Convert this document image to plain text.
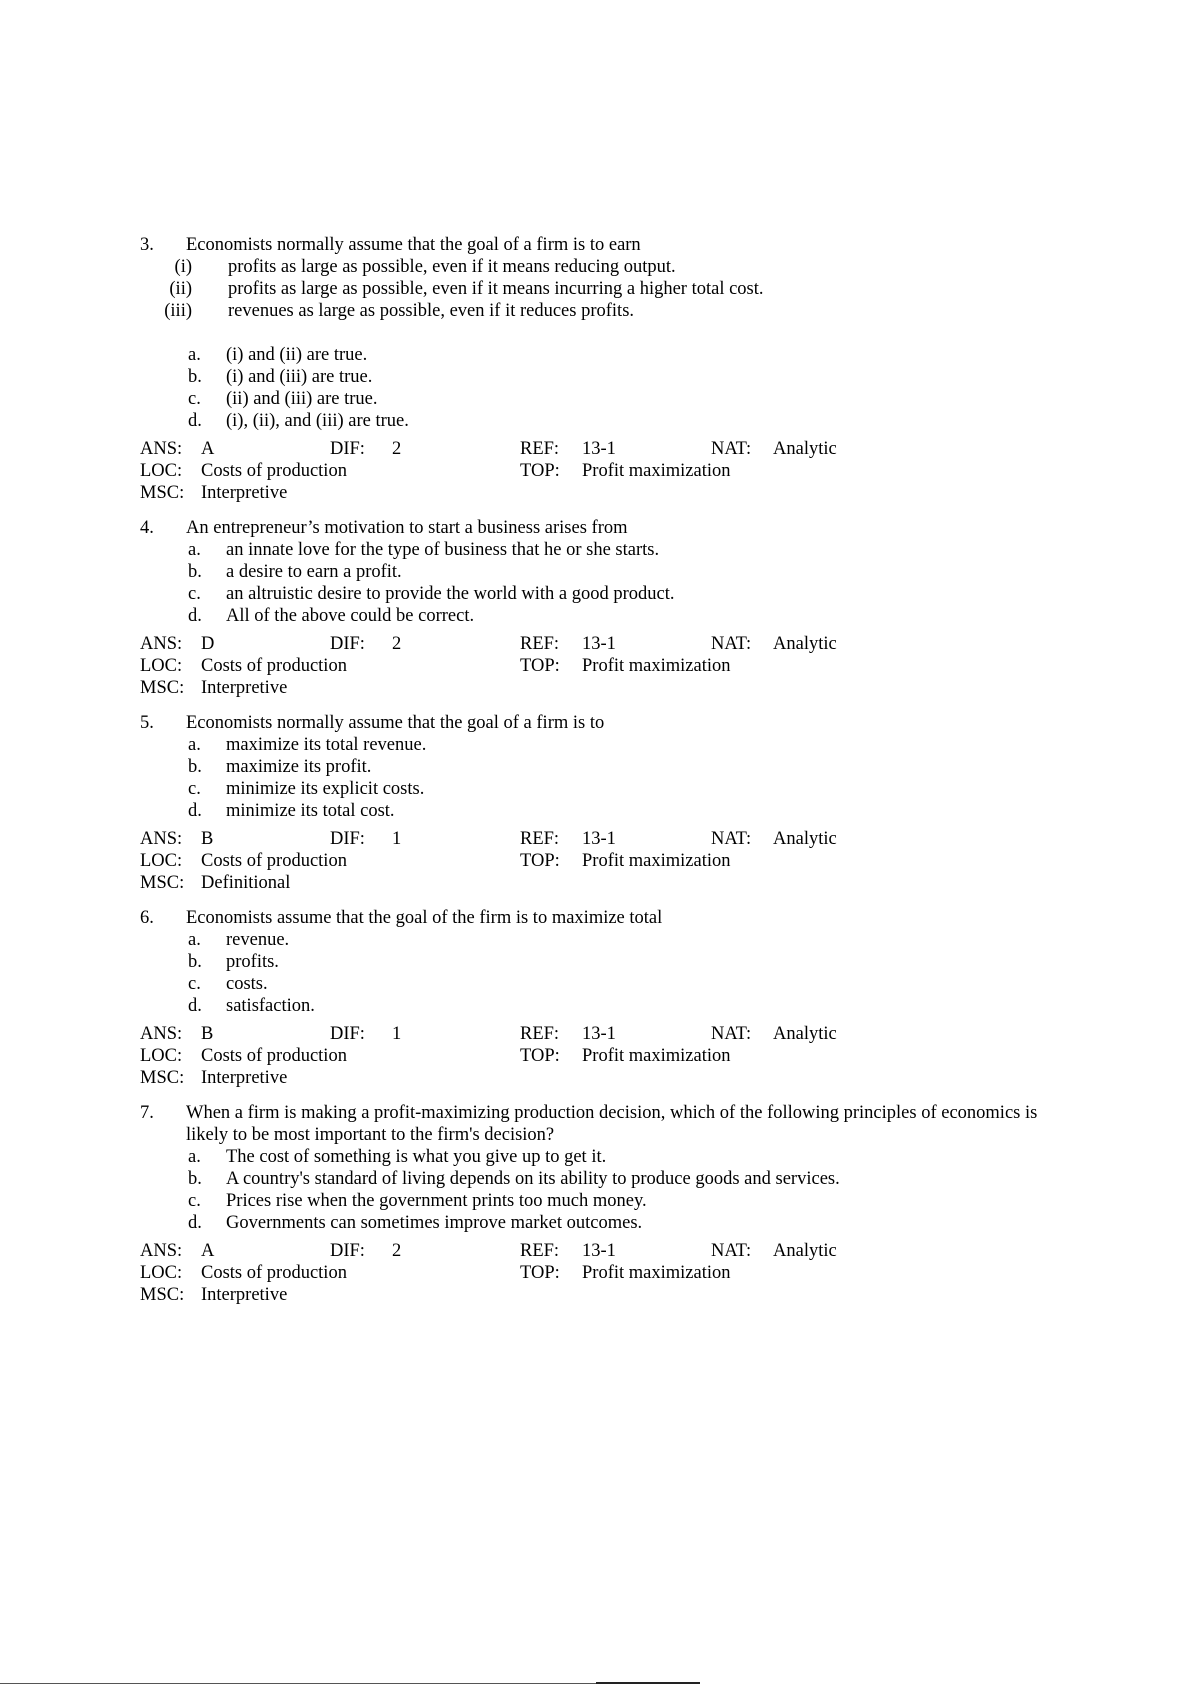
3. Economists normally assume that the goal of a firm is to earn
(i) profits as large as possible, even if it means reducing output.
(ii) profits as large as possible, even if it means incurring a higher total cost.
(iii) revenues as large as possible, even if it reduces profits.
a. (i) and (ii) are true.
b. (i) and (iii) are true.
c. (ii) and (iii) are true.
d. (i), (ii), and (iii) are true.
ANS: A	DIF: 2	REF: 13-1	NAT: Analytic
LOC: Costs of production	TOP: Profit maximization
MSC: Interpretive
4. An entrepreneur’s motivation to start a business arises from
a. an innate love for the type of business that he or she starts.
b. a desire to earn a profit.
c. an altruistic desire to provide the world with a good product.
d. All of the above could be correct.
ANS: D	DIF: 2	REF: 13-1	NAT: Analytic
LOC: Costs of production	TOP: Profit maximization
MSC: Interpretive
5. Economists normally assume that the goal of a firm is to
a. maximize its total revenue.
b. maximize its profit.
c. minimize its explicit costs.
d. minimize its total cost.
ANS: B	DIF: 1	REF: 13-1	NAT: Analytic
LOC: Costs of production	TOP: Profit maximization
MSC: Definitional
6. Economists assume that the goal of the firm is to maximize total
a. revenue.
b. profits.
c. costs.
d. satisfaction.
ANS: B	DIF: 1	REF: 13-1	NAT: Analytic
LOC: Costs of production	TOP: Profit maximization
MSC: Interpretive
7. When a firm is making a profit-maximizing production decision, which of the following principles of economics is likely to be most important to the firm's decision?
a. The cost of something is what you give up to get it.
b. A country's standard of living depends on its ability to produce goods and services.
c. Prices rise when the government prints too much money.
d. Governments can sometimes improve market outcomes.
ANS: A	DIF: 2	REF: 13-1	NAT: Analytic
LOC: Costs of production	TOP: Profit maximization
MSC: Interpretive
